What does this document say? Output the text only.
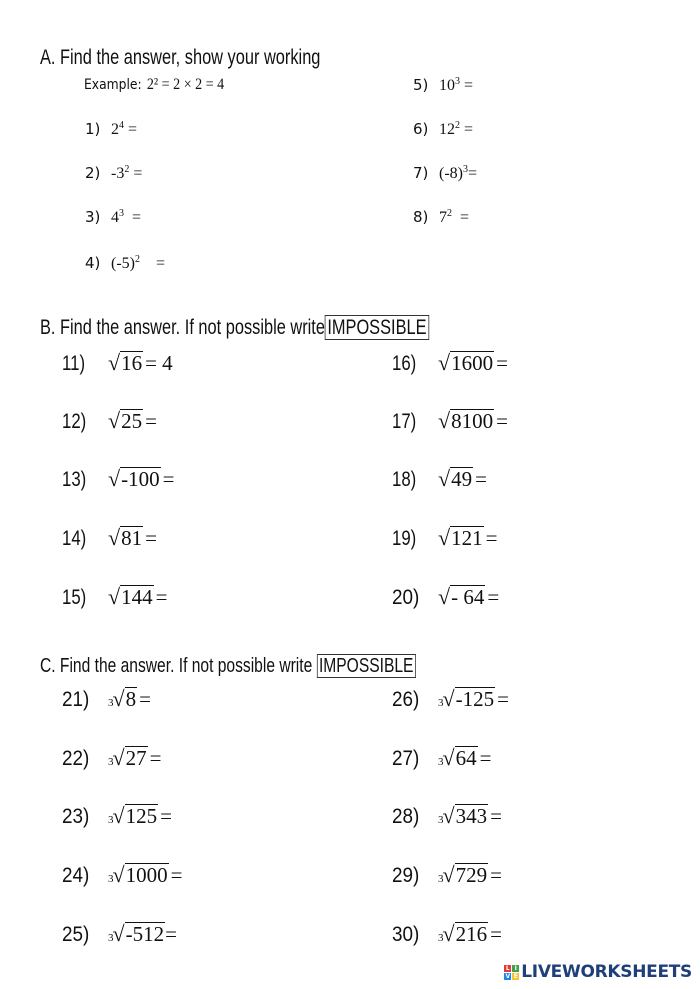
A. Find the answer, show your working
Example: 2² = 2 × 2 = 4
1) $2^4$ =
2) $-3^2$ =
3) $4^3$  =
4) $(-5)^2$    =
5) $10^3$ =
6) $12^2$ =
7) $(-8)^3=$
8) $7^2$  =
B. Find the answer. If not possible write IMPOSSIBLE
11)	√ 16 = 4
12) √ 25 =
13) √ -100 =
14) √ 81 =
15) √ 144 =
16) √ 1600 =
17) √ 8100 =
18) √ 49 =
19) √ 121 =
20) √ - 64 =
C. Find the answer. If not possible write IMPOSSIBLE
21)	3 √ 8 =
22)	3 √ 27 =
23)	3 √ 125 =
24)	3 √ 1000 =
25)	3 √ -512 =
26)	3 √ -125 =
27)	3 √ 64 =
28)	3 √ 343 =
29)	3 √ 729 =
30)	3 √ 216 =
L I
V E LIVEWORKSHEETS
